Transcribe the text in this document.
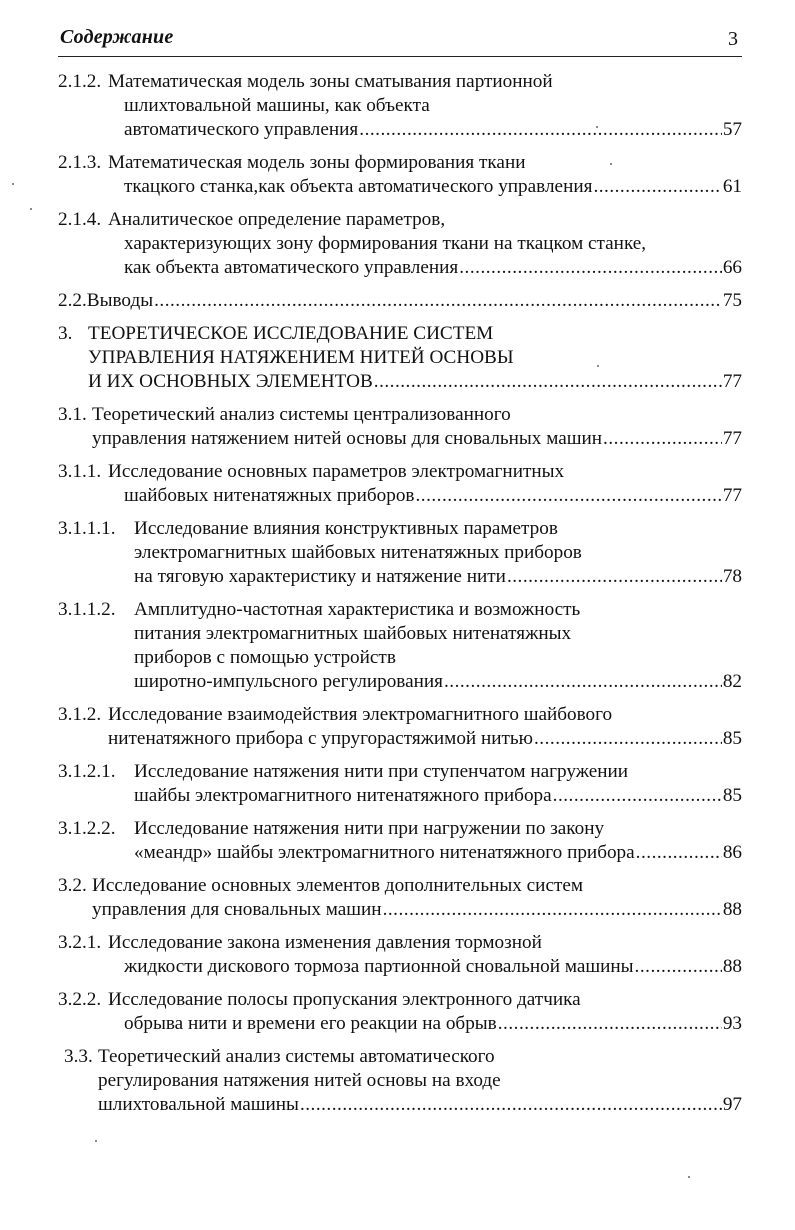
Содержание	3
2.1.2. Математическая модель зоны сматывания партионной
шлихтовальной машины, как объекта
автоматического управления .....	57
2.1.3. Математическая модель зоны формирования ткани
ткацкого станка,как объекта автоматического управления .....	61
2.1.4. Аналитическое определение параметров,
характеризующих зону формирования ткани на ткацком станке,
как объекта автоматического управления .....	66
2.2. Выводы .....	75
3. ТЕОРЕТИЧЕСКОЕ ИССЛЕДОВАНИЕ СИСТЕМ
УПРАВЛЕНИЯ НАТЯЖЕНИЕМ НИТЕЙ ОСНОВЫ
И ИХ ОСНОВНЫХ ЭЛЕМЕНТОВ .....	77
3.1. Теоретический анализ системы централизованного
управления натяжением нитей основы для сновальных машин .....	77
3.1.1. Исследование основных параметров электромагнитных
шайбовых нитенатяжных приборов .....	77
3.1.1.1. Исследование влияния конструктивных параметров
электромагнитных шайбовых нитенатяжных приборов
на тяговую характеристику и натяжение нити .....	78
3.1.1.2. Амплитудно-частотная характеристика и возможность
питания электромагнитных шайбовых нитенатяжных
приборов с помощью устройств
широтно-импульсного регулирования .....	82
3.1.2. Исследование взаимодействия электромагнитного шайбового
нитенатяжного прибора с упругорастяжимой нитью .....	85
3.1.2.1. Исследование натяжения нити при ступенчатом нагружении
шайбы электромагнитного нитенатяжного прибора .....	85
3.1.2.2. Исследование натяжения нити при нагружении по закону
«меандр» шайбы электромагнитного нитенатяжного прибора .....	86
3.2. Исследование основных элементов дополнительных систем
управления для сновальных машин .....	88
3.2.1. Исследование закона изменения давления тормозной
жидкости дискового тормоза партионной сновальной машины .....	88
3.2.2. Исследование полосы пропускания электронного датчика
обрыва нити и времени его реакции на обрыв .....	93
3.3. Теоретический анализ системы автоматического
регулирования натяжения нитей основы на входе
шлихтовальной машины .....	97
